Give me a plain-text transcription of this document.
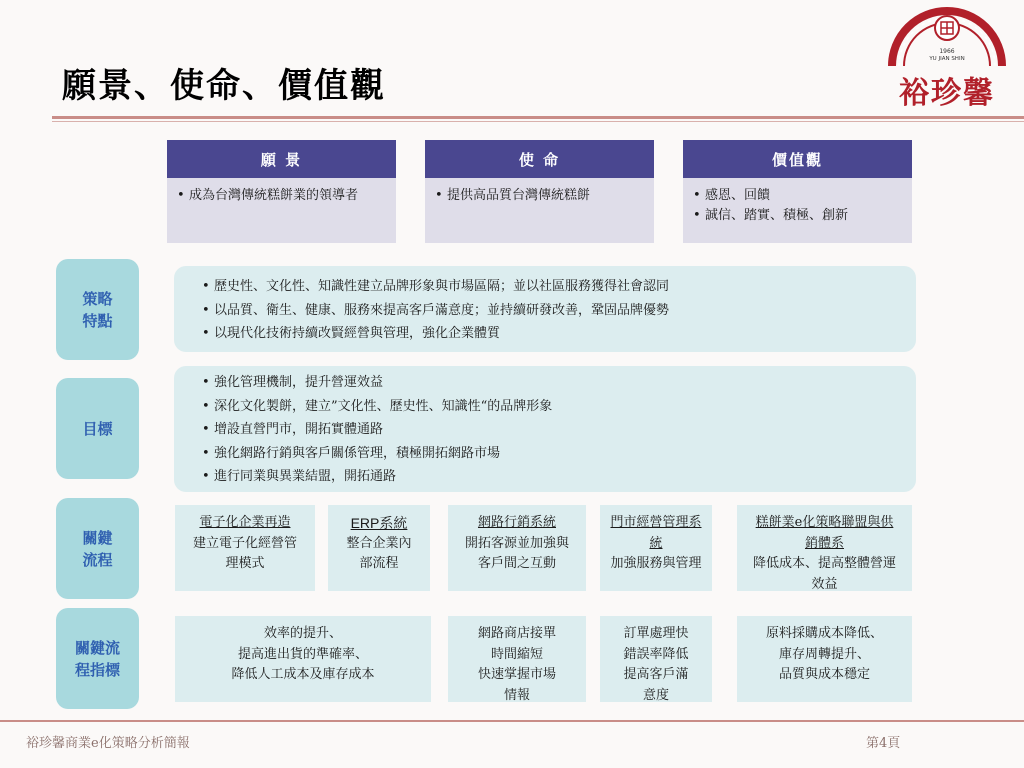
願景、使命、價值觀
1966
YU JIAN SHIN
裕珍馨
願 景
• 成為台灣傳統糕餅業的領導者
使 命
• 提供高品質台灣傳統糕餅
價值觀
• 感恩、回饋
• 誠信、踏實、積極、創新
策略
特點
• 歷史性、文化性、知識性建立品牌形象與市場區隔；並以社區服務獲得社會認同
• 以品質、衛生、健康、服務來提高客戶滿意度；並持續研發改善，鞏固品牌優勢
• 以現代化技術持續改賢經營與管理，強化企業體質
目標
• 強化管理機制，提升營運效益
• 深化文化製餅，建立”文化性、歷史性、知識性“的品牌形象
• 增設直營門市，開拓實體通路
• 強化網路行銷與客戶關係管理，積極開拓網路市場
• 進行同業與異業結盟，開拓通路
關鍵
流程
電子化企業再造
建立電子化經營管理模式
ERP系統
整合企業內部流程
網路行銷系統
開拓客源並加強與客戶間之互動
門市經營管理系統
加強服務與管理
糕餅業e化策略聯盟與供銷體系
降低成本、提高整體營運效益
關鍵流
程指標
效率的提升、
提高進出貨的準確率、
降低人工成本及庫存成本
網路商店接單
時間縮短
快速掌握市場
情報
訂單處理快
錯誤率降低
提高客戶滿
意度
原料採購成本降低、
庫存周轉提升、
品質與成本穩定
裕珍馨商業e化策略分析簡報	第4頁
